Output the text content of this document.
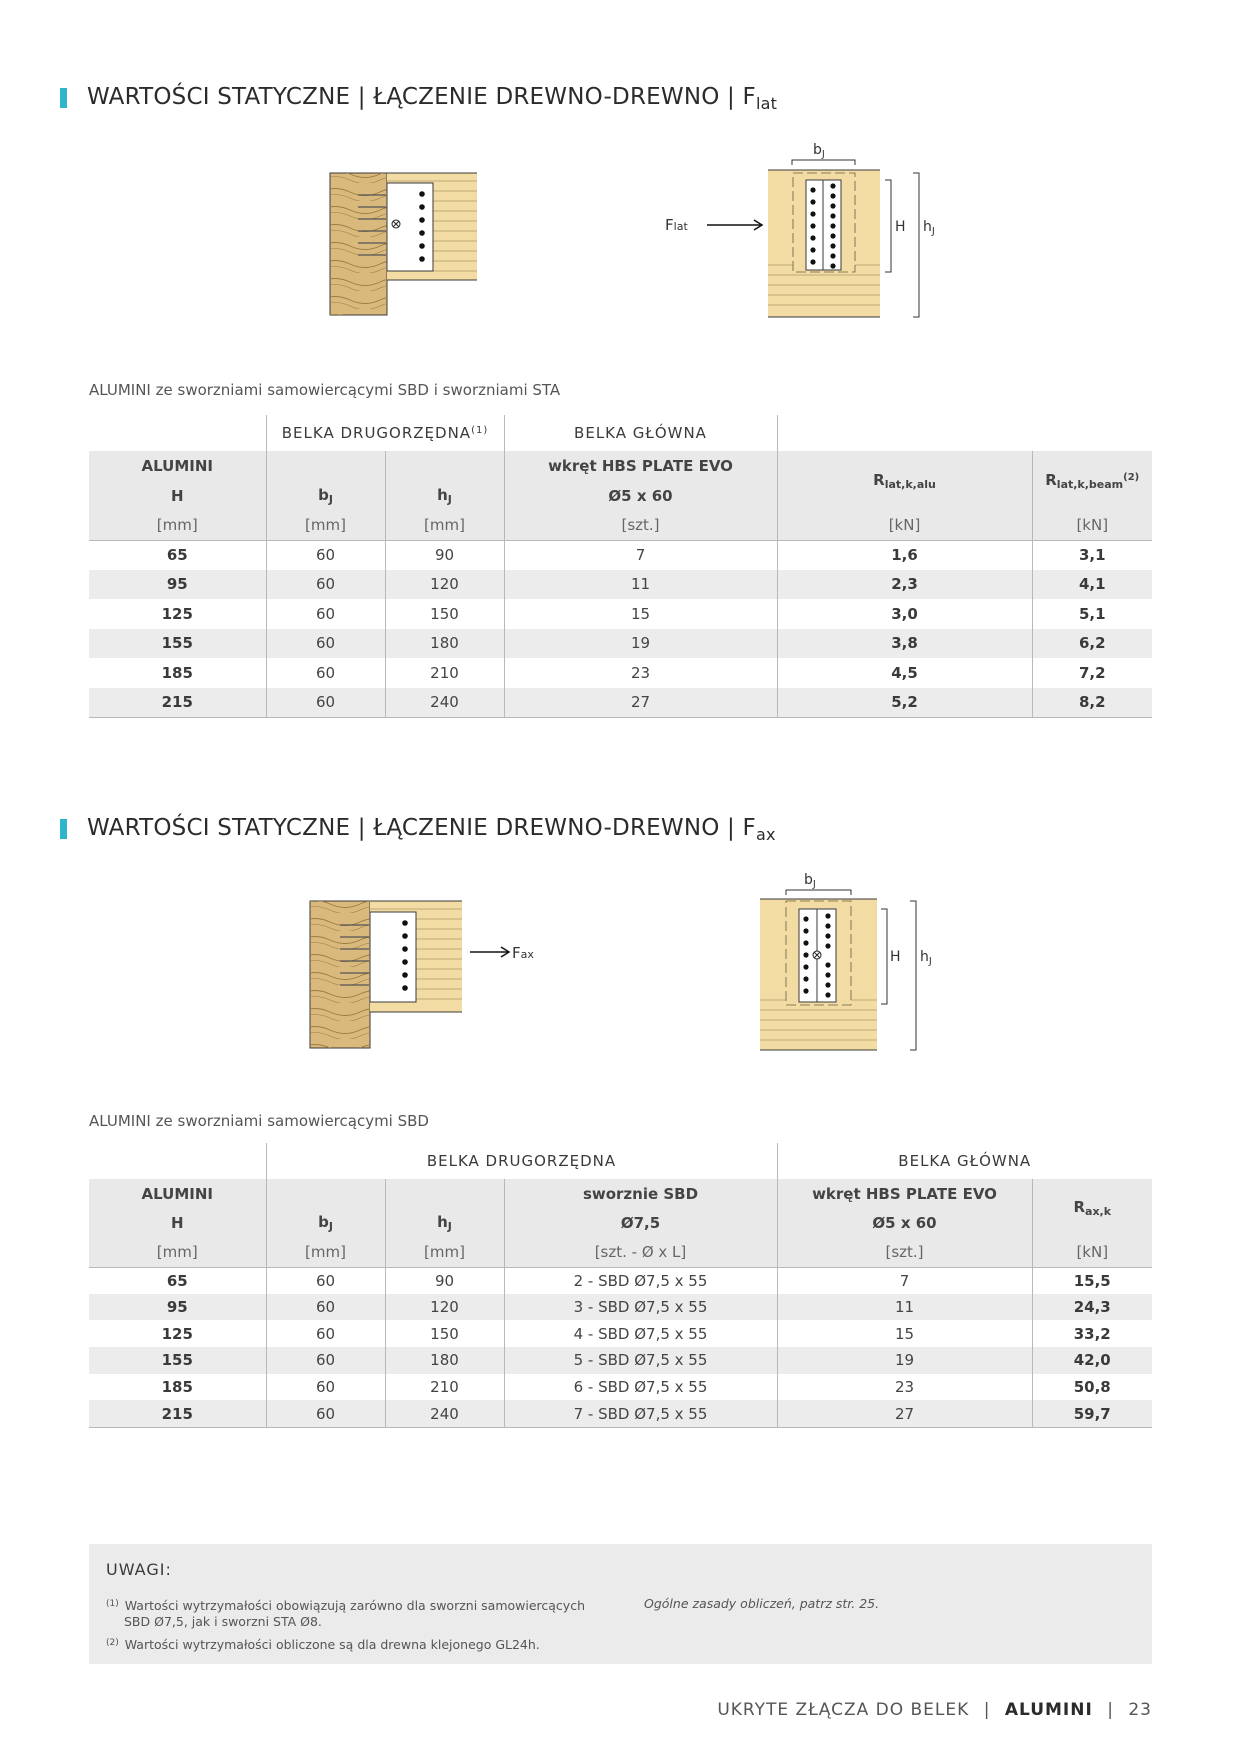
WARTOŚCI STATYCZNE | ŁĄCZENIE DREWNO-DREWNO | $F_{lat}$
Flat
$b_J$
H $h_J$
ALUMINI ze sworzniami samowiercącymi SBD i sworzniami STA
	BELKA DRUGORZĘDNA$^{(1)}$		BELKA GŁÓWNA		
ALUMINI			wkręt HBS PLATE EVO	$R_{lat,k,alu}$	$R_{lat,k,beam}^{(2)}$
H	$b_J$	$h_J$	Ø5 x 60		
[mm]	[mm]	[mm]	[szt.]	[kN]	[kN]
65	60	90	7	1,6	3,1
95	60	120	11	2,3	4,1
125	60	150	15	3,0	5,1
155	60	180	19	3,8	6,2
185	60	210	23	4,5	7,2
215	60	240	27	5,2	8,2
WARTOŚCI STATYCZNE | ŁĄCZENIE DREWNO-DREWNO | $F_{ax}$
Fax
$b_J$
H $h_J$
ALUMINI ze sworzniami samowiercącymi SBD
	BELKA DRUGORZĘDNA			BELKA GŁÓWNA	
ALUMINI			sworznie SBD	wkręt HBS PLATE EVO	$R_{ax,k}$
H	$b_J$	$h_J$	Ø7,5	Ø5 x 60	
[mm]	[mm]	[mm]	[szt. - Ø x L]	[szt.]	[kN]
65	60	90	2 - SBD Ø7,5 x 55	7	15,5
95	60	120	3 - SBD Ø7,5 x 55	11	24,3
125	60	150	4 - SBD Ø7,5 x 55	15	33,2
155	60	180	5 - SBD Ø7,5 x 55	19	42,0
185	60	210	6 - SBD Ø7,5 x 55	23	50,8
215	60	240	7 - SBD Ø7,5 x 55	27	59,7
UWAGI:
$^{(1)}$ Wartości wytrzymałości obowiązują zarówno dla sworzni samowiercących
SBD Ø7,5, jak i sworzni STA Ø8.
$^{(2)}$ Wartości wytrzymałości obliczone są dla drewna klejonego GL24h.
Ogólne zasady obliczeń, patrz str. 25.
UKRYTE ZŁĄCZA DO BELEK | ALUMINI | 23
